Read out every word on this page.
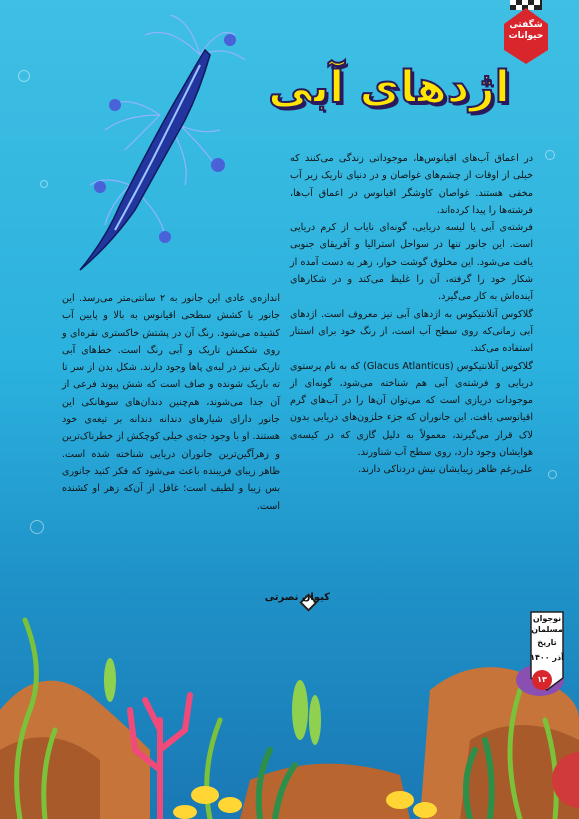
شگفتی
حیوانات
اژدهای آبی

در اعماق آب‌های اقیانوس‌ها، موجوداتی زندگی می‌کنند که خیلی از اوقات از چشم‌های غواصان و در دنیای تاریک زیر آب مخفی هستند. غواصان کاوشگر اقیانوس در اعماق آب‌ها، فرشته‌ها را پیدا کرده‌اند.

فرشته‌ی آبی یا لیسه دریایی، گونه‌ای نایاب از کرم دریایی است. این جانور تنها در سواحل استرالیا و آفریقای جنوبی یافت می‌شود. این مخلوق گوشت خوار، زهر به دست آمده از شکار خود را گرفته، آن را غلیظ می‌کند و در شکارهای آینده‌اش به کار می‌گیرد.

گلاکوس آتلانتیکوس به اژدهای آبی نیز معروف است. اژدهای آبی زمانی‌که روی سطح آب است، از رنگ خود برای استتار استفاده می‌کند.

گلاکوس آتلانتیکوس (Glacus Atlanticus) که به نام پرستوی دریایی و فرشته‌ی آبی هم شناخته می‌شود، گونه‌ای از موجودات دریازی است که می‌توان آن‌ها را در آب‌های گرم اقیانوسی یافت. این جانوران که جزء حلزون‌های دریایی بدون لاک قرار می‌گیرند، معمولاً به دلیل گازی که در کیسه‌ی هوایشان وجود دارد، روی سطح آب شناورند.

علی‌رغم ظاهر زیبایشان نیش دردناکی دارند.

اندازه‌ی عادی این جانور به ۲ سانتی‌متر می‌رسد. این جانور با کشش سطحی اقیانوس به بالا و پایین آب کشیده می‌شود. رنگ آن در پشتش خاکستری نقره‌ای و روی شکمش تاریک و آبی رنگ است. خط‌های آبی تاریکی نیز در لبه‌ی پاها وجود دارند. شکل بدن از سر تا ته باریک شونده و صاف است که شش پیوند فرعی از آن جدا می‌شوند، هم‌چنین دندان‌های سوهانکی این جانور دارای شیارهای دندانه دندانه بر تیغه‌ی خود هستند. او با وجود جثه‌ی خیلی کوچکش از خطرناک‌ترین و زهرآگین‌ترین جانوران دریایی شناخته شده است. ظاهر زیبای فریبنده باعث می‌شود که فکر کنید جانوری بس زیبا و لطیف است؛ غافل از آن‌که زهر او کشنده است.

کیوان نصرتی
نوجوان
مسلمان
تاریخ
آذر ۱۴۰۰
۱۳
